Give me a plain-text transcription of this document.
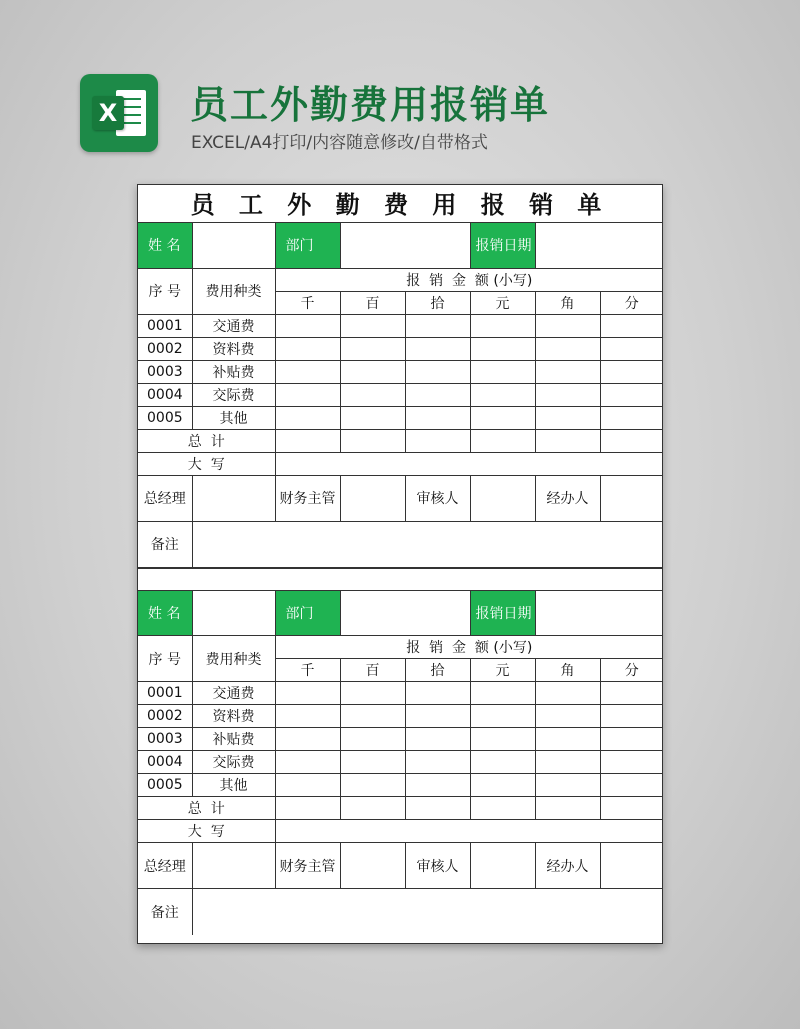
X 员工外勤费用报销单
EXCEL/A4打印/内容随意修改/自带格式
员 工 外 勤 费 用 报 销 单
姓 名		部门			报销日期		
序 号	费用种类	报  销  金  额 (小写)					
		千	百	拾	元	角	分
0001	交通费						
0002	资料费						
0003	补贴费						
0004	交际费						
0005	其他						
总  计							
大  写							
总经理		财务主管		审核人		经办人	
备注							
姓 名		部门			报销日期		
序 号	费用种类	报  销  金  额 (小写)					
		千	百	拾	元	角	分
0001	交通费						
0002	资料费						
0003	补贴费						
0004	交际费						
0005	其他						
总  计							
大  写							
总经理		财务主管		审核人		经办人	
备注							
